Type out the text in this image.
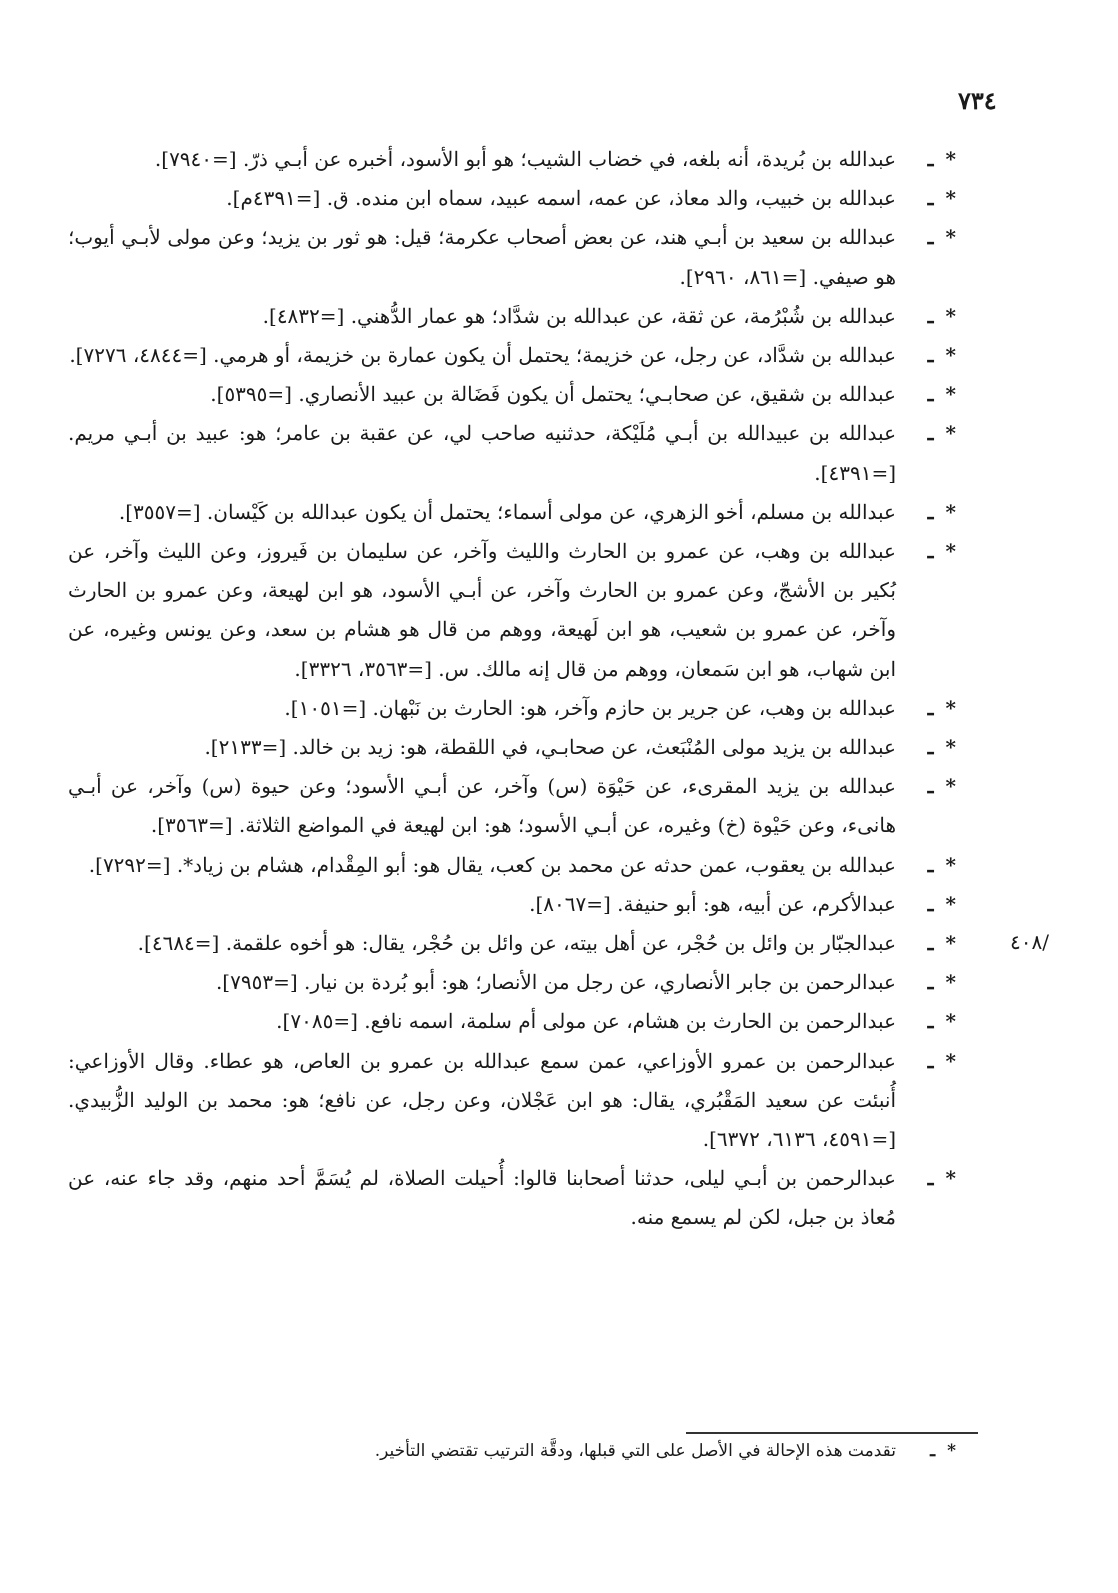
٧٣٤
*
ـ
عبدالله بن بُريدة، أنه بلغه، في خضاب الشيب؛ هو أبو الأسود، أخبره عن أبـي ذرّ. [=٧٩٤٠].
*
ـ
عبدالله بن خبيب، والد معاذ، عن عمه، اسمه عبيد، سماه ابن منده. ق. [=٤٣٩١م].
*
ـ
عبدالله بن سعيد بن أبـي هند، عن بعض أصحاب عكرمة؛ قيل: هو ثور بن يزيد؛ وعن مولى لأبـي أيوب؛ هو صيفي. [=٨٦١، ٢٩٦٠].
*
ـ
عبدالله بن شُبْرُمة، عن ثقة، عن عبدالله بن شدَّاد؛ هو عمار الدُّهني. [=٤٨٣٢].
*
ـ
عبدالله بن شدَّاد، عن رجل، عن خزيمة؛ يحتمل أن يكون عمارة بن خزيمة، أو هرمي. [=٤٨٤٤، ٧٢٧٦].
*
ـ
عبدالله بن شقيق، عن صحابـي؛ يحتمل أن يكون فَضَالة بن عبيد الأنصاري. [=٥٣٩٥].
*
ـ
عبدالله بن عبيدالله بن أبـي مُلَيْكة، حدثنيه صاحب لي، عن عقبة بن عامر؛ هو: عبيد بن أبـي مريم. [=٤٣٩١].
*
ـ
عبدالله بن مسلم، أخو الزهري، عن مولى أسماء؛ يحتمل أن يكون عبدالله بن كَيْسان. [=٣٥٥٧].
*
ـ
عبدالله بن وهب، عن عمرو بن الحارث والليث وآخر، عن سليمان بن فَيروز، وعن الليث وآخر، عن بُكير بن الأشجّ، وعن عمرو بن الحارث وآخر، عن أبـي الأسود، هو ابن لهيعة، وعن عمرو بن الحارث وآخر، عن عمرو بن شعيب، هو ابن لَهيعة، ووهم من قال هو هشام بن سعد، وعن يونس وغيره، عن ابن شهاب، هو ابن سَمعان، ووهم من قال إنه مالك. س. [=٣٥٦٣، ٣٣٢٦].
*
ـ
عبدالله بن وهب، عن جرير بن حازم وآخر، هو: الحارث بن نَبْهان. [=١٠٥١].
*
ـ
عبدالله بن يزيد مولى المُنْبَعث، عن صحابـي، في اللقطة، هو: زيد بن خالد. [=٢١٣٣].
*
ـ
عبدالله بن يزيد المقرىء، عن حَيْوَة (س) وآخر، عن أبـي الأسود؛ وعن حيوة (س) وآخر، عن أبـي هانىء، وعن حَيْوة (خ) وغيره، عن أبـي الأسود؛ هو: ابن لهيعة في المواضع الثلاثة. [=٣٥٦٣].
*
ـ
عبدالله بن يعقوب، عمن حدثه عن محمد بن كعب، يقال هو: أبو المِقْدام، هشام بن زياد*. [=٧٢٩٢].
*
ـ
عبدالأكرم، عن أبيه، هو: أبو حنيفة. [=٨٠٦٧].
*
ـ
عبدالجبّار بن وائل بن حُجْر، عن أهل بيته، عن وائل بن حُجْر، يقال: هو أخوه علقمة. [=٤٦٨٤].
*
ـ
عبدالرحمن بن جابر الأنصاري، عن رجل من الأنصار؛ هو: أبو بُردة بن نيار. [=٧٩٥٣].
*
ـ
عبدالرحمن بن الحارث بن هشام، عن مولى أم سلمة، اسمه نافع. [=٧٠٨٥].
*
ـ
عبدالرحمن بن عمرو الأوزاعي، عمن سمع عبدالله بن عمرو بن العاص، هو عطاء. وقال الأوزاعي: أُنبئت عن سعيد المَقْبُري، يقال: هو ابن عَجْلان، وعن رجل، عن نافع؛ هو: محمد بن الوليد الزُّبيدي. [=٤٥٩١، ٦١٣٦، ٦٣٧٢].
*
ـ
عبدالرحمن بن أبـي ليلى، حدثنا أصحابنا قالوا: أُحيلت الصلاة، لم يُسَمَّ أحد منهم، وقد جاء عنه، عن مُعاذ بن جبل، لكن لم يسمع منه.
/٤٠٨
*
ـ
تقدمت هذه الإحالة في الأصل على التي قبلها، ودقَّة الترتيب تقتضي التأخير.
